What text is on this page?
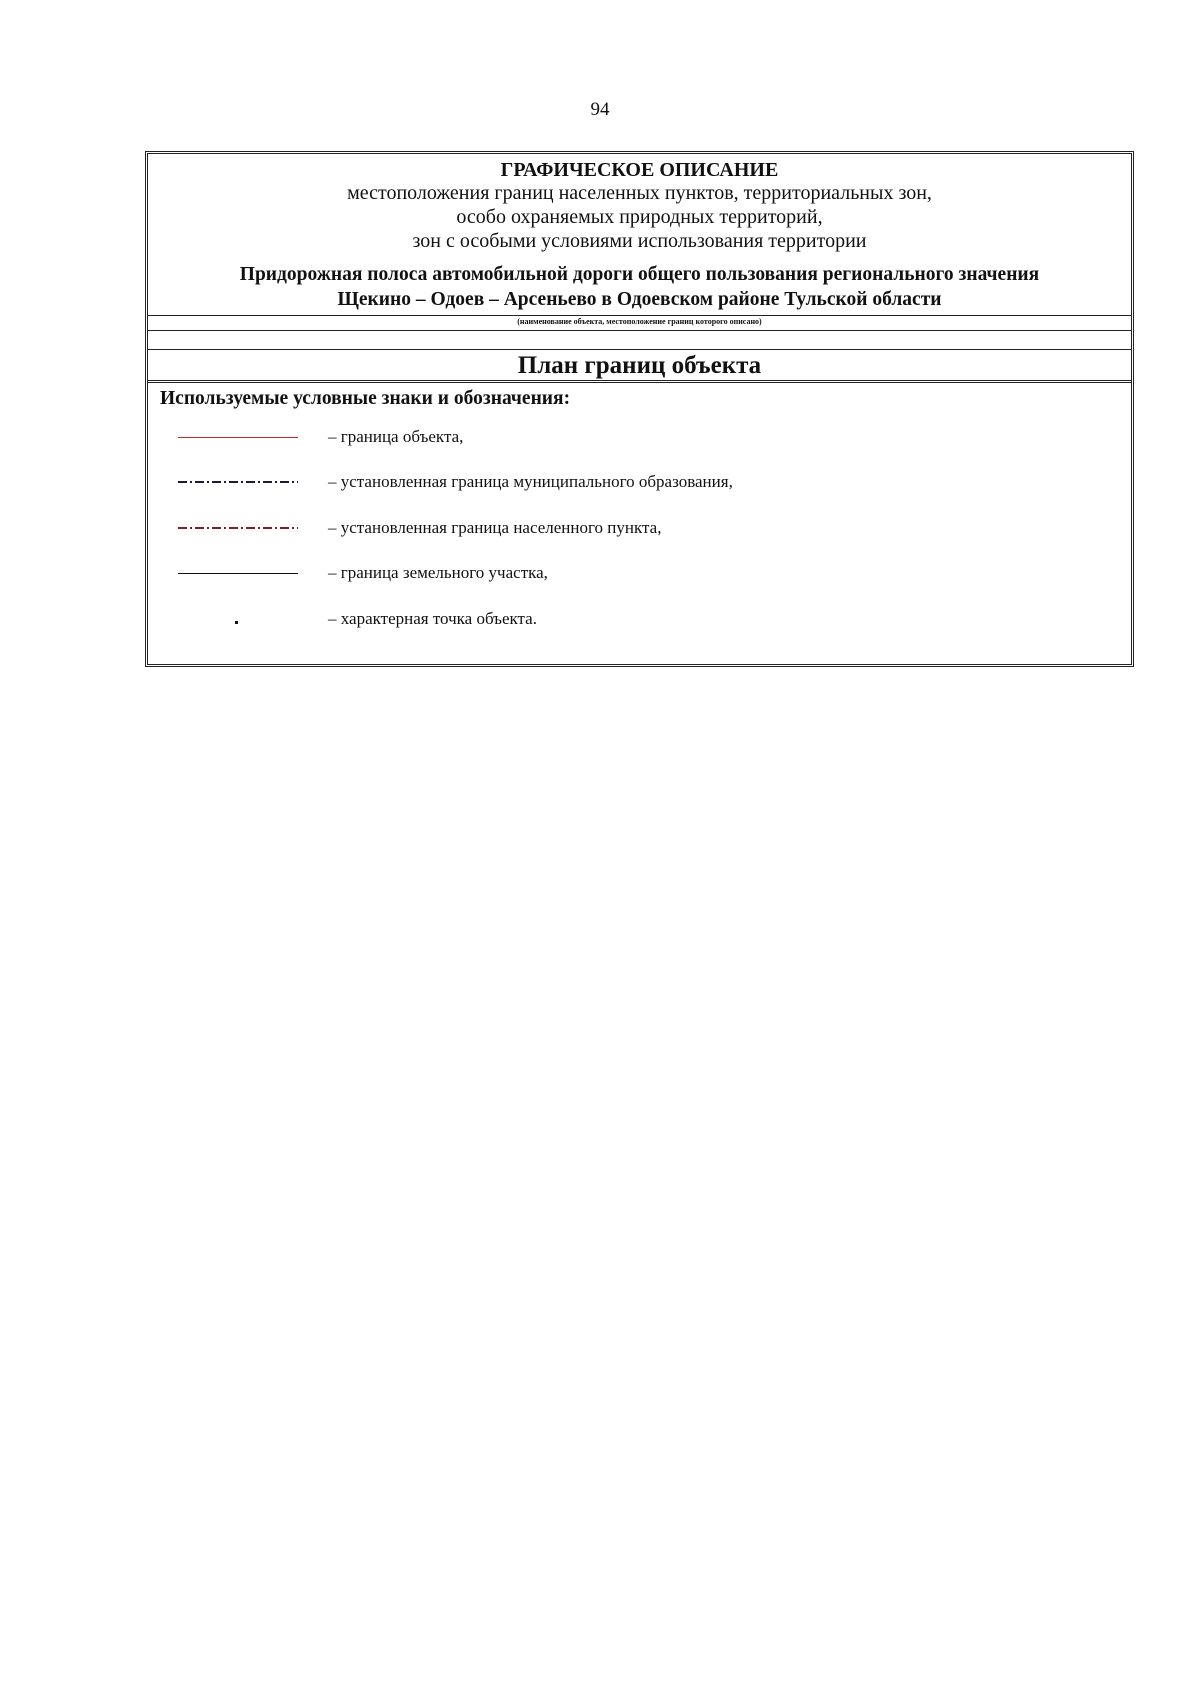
94
ГРАФИЧЕСКОЕ ОПИСАНИЕ
местоположения границ населенных пунктов, территориальных зон,
особо охраняемых природных территорий,
зон с особыми условиями использования территории
Придорожная полоса автомобильной дороги общего пользования регионального значения
Щекино – Одоев – Арсеньево в Одоевском районе Тульской области
(наименование объекта, местоположение границ которого описано)
План границ объекта
Используемые условные знаки и обозначения:
– граница объекта,
– установленная граница муниципального образования,
– установленная граница населенного пункта,
– граница земельного участка,
– характерная точка объекта.
